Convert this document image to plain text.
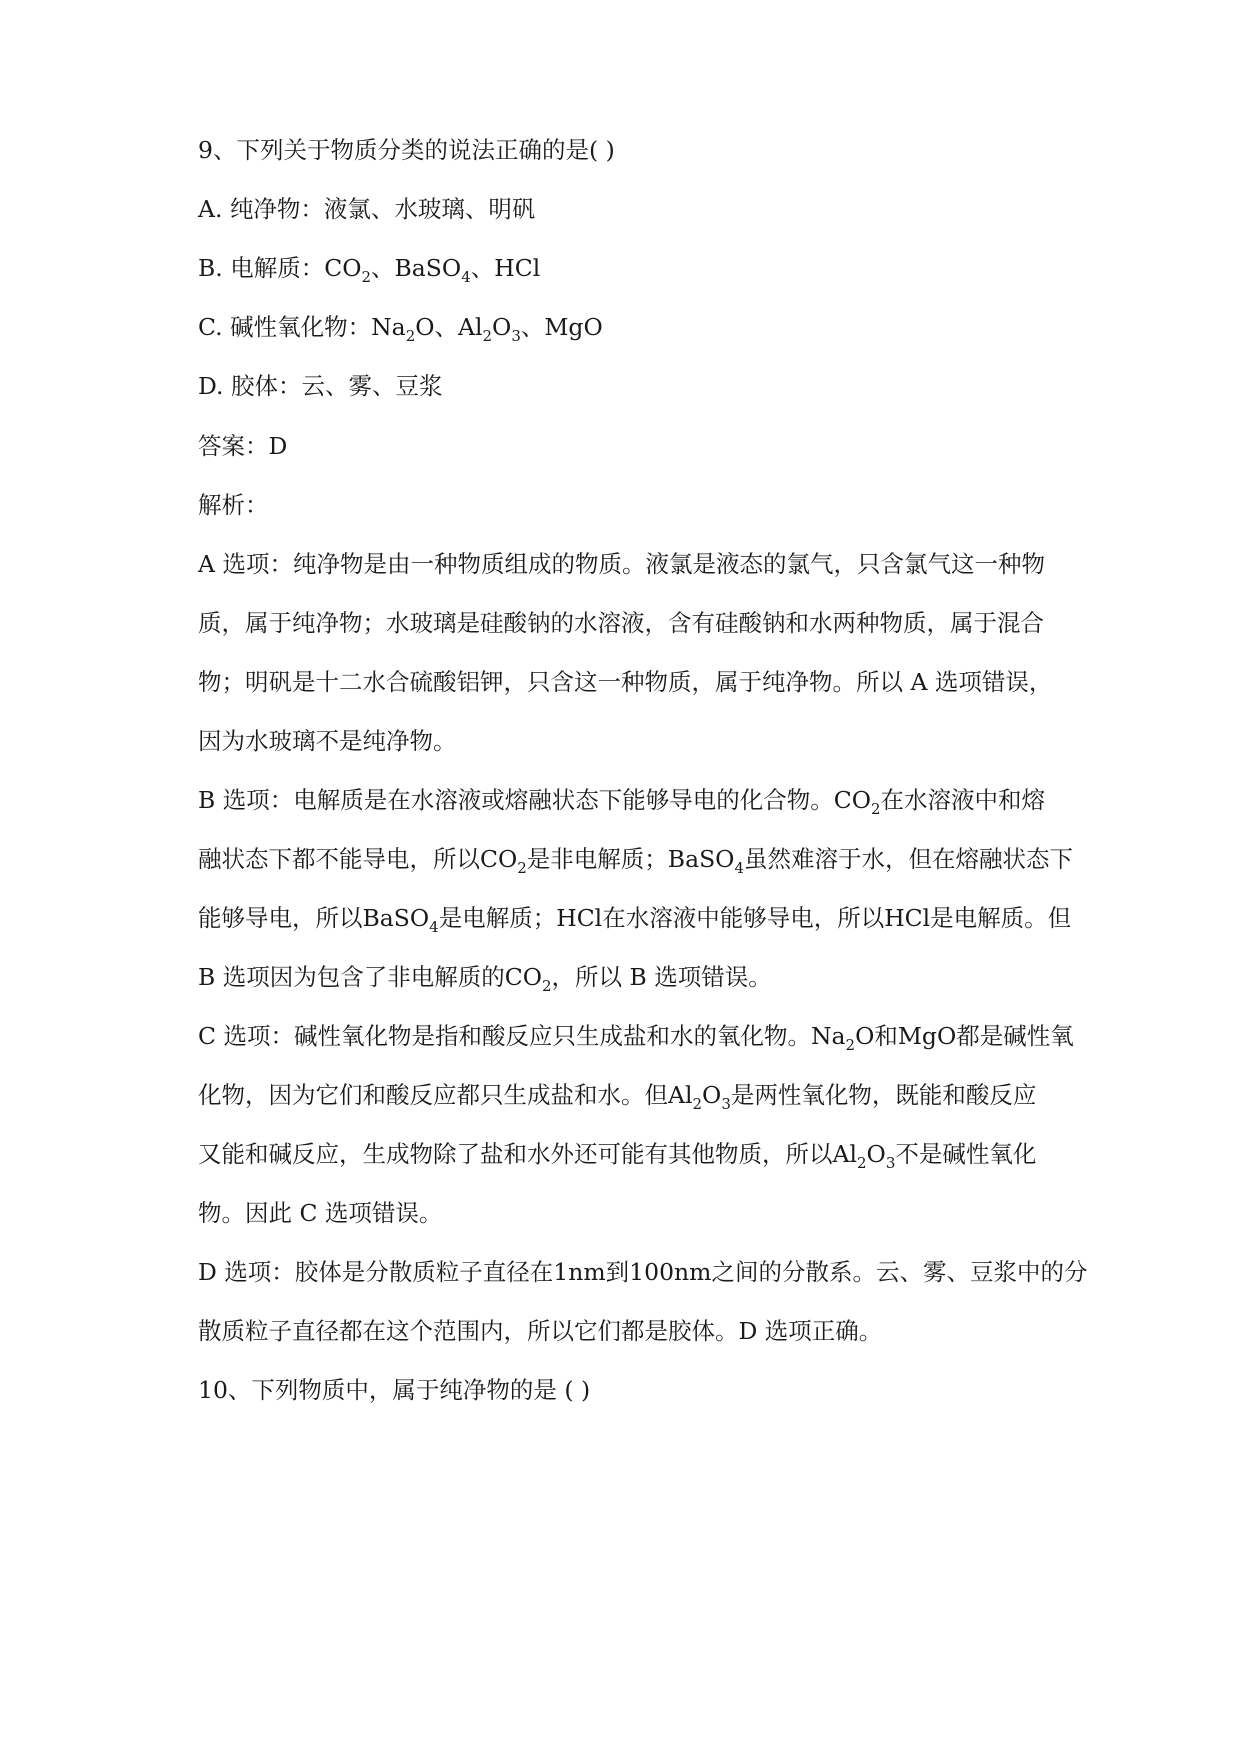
9、下列关于物质分类的说法正确的是( )
A. 纯净物：液氯、水玻璃、明矾
B. 电解质：$CO_2$、BaSO$_4$、HCl
C. 碱性氧化物：$Na_2O$、$Al_2O_3$、MgO
D. 胶体：云、雾、豆浆
答案：D
解析：
A 选项：纯净物是由一种物质组成的物质。液氯是液态的氯气，只含氯气这一种物
质，属于纯净物；水玻璃是硅酸钠的水溶液，含有硅酸钠和水两种物质，属于混合
物；明矾是十二水合硫酸铝钾，只含这一种物质，属于纯净物。所以 A 选项错误，
因为水玻璃不是纯净物。
B 选项：电解质是在水溶液或熔融状态下能够导电的化合物。$CO_2$在水溶液中和熔
融状态下都不能导电，所以$CO_2$是非电解质；BaSO$_4$虽然难溶于水，但在熔融状态下
能够导电，所以BaSO$_4$是电解质；HCl在水溶液中能够导电，所以HCl是电解质。但
B 选项因为包含了非电解质的$CO_2$，所以 B 选项错误。
C 选项：碱性氧化物是指和酸反应只生成盐和水的氧化物。$Na_2O$和MgO都是碱性氧
化物，因为它们和酸反应都只生成盐和水。但$Al_2O_3$是两性氧化物，既能和酸反应
又能和碱反应，生成物除了盐和水外还可能有其他物质，所以$Al_2O_3$不是碱性氧化
物。因此 C 选项错误。
D 选项：胶体是分散质粒子直径在1nm到100nm之间的分散系。云、雾、豆浆中的分
散质粒子直径都在这个范围内，所以它们都是胶体。D 选项正确。
10、下列物质中，属于纯净物的是 ( )
